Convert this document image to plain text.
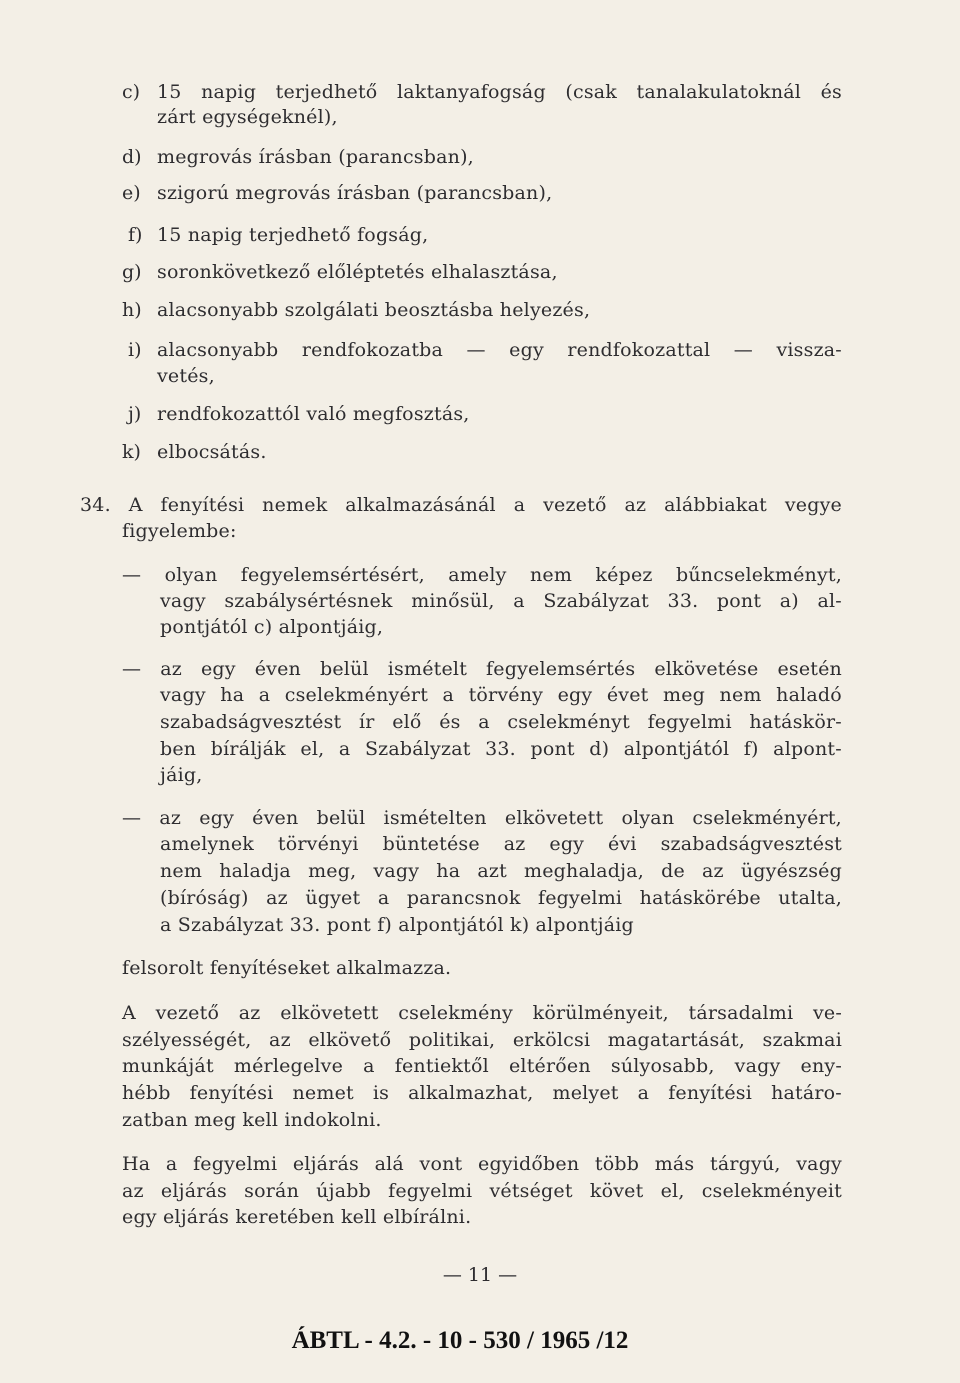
c) 15 napig terjedhető laktanyafogság (csak tanalakulatoknál és
zárt egységeknél),
d) megrovás írásban (parancsban),
e) szigorú megrovás írásban (parancsban),
f) 15 napig terjedhető fogság,
g) soronkövetkező előléptetés elhalasztása,
h) alacsonyabb szolgálati beosztásba helyezés,
i) alacsonyabb rendfokozatba — egy rendfokozattal — vissza-
vetés,
j) rendfokozattól való megfosztás,
k) elbocsátás.
34. A fenyítési nemek alkalmazásánál a vezető az alábbiakat vegye
figyelembe:
— olyan fegyelemsértésért, amely nem képez bűncselekményt,
vagy szabálysértésnek minősül, a Szabályzat 33. pont a) al-
pontjától c) alpontjáig,
— az egy éven belül ismételt fegyelemsértés elkövetése esetén
vagy ha a cselekményért a törvény egy évet meg nem haladó
szabadságvesztést ír elő és a cselekményt fegyelmi hatáskör-
ben bírálják el, a Szabályzat 33. pont d) alpontjától f) alpont-
jáig,
— az egy éven belül ismételten elkövetett olyan cselekményért,
amelynek törvényi büntetése az egy évi szabadságvesztést
nem haladja meg, vagy ha azt meghaladja, de az ügyészség
(bíróság) az ügyet a parancsnok fegyelmi hatáskörébe utalta,
a Szabályzat 33. pont f) alpontjától k) alpontjáig
felsorolt fenyítéseket alkalmazza.
A vezető az elkövetett cselekmény körülményeit, társadalmi ve-
szélyességét, az elkövető politikai, erkölcsi magatartását, szakmai
munkáját mérlegelve a fentiektől eltérően súlyosabb, vagy eny-
hébb fenyítési nemet is alkalmazhat, melyet a fenyítési határo-
zatban meg kell indokolni.
Ha a fegyelmi eljárás alá vont egyidőben több más tárgyú, vagy
az eljárás során újabb fegyelmi vétséget követ el, cselekményeit
egy eljárás keretében kell elbírálni.
— 11 —
ÁBTL - 4.2. - 10 - 530 / 1965 /12
